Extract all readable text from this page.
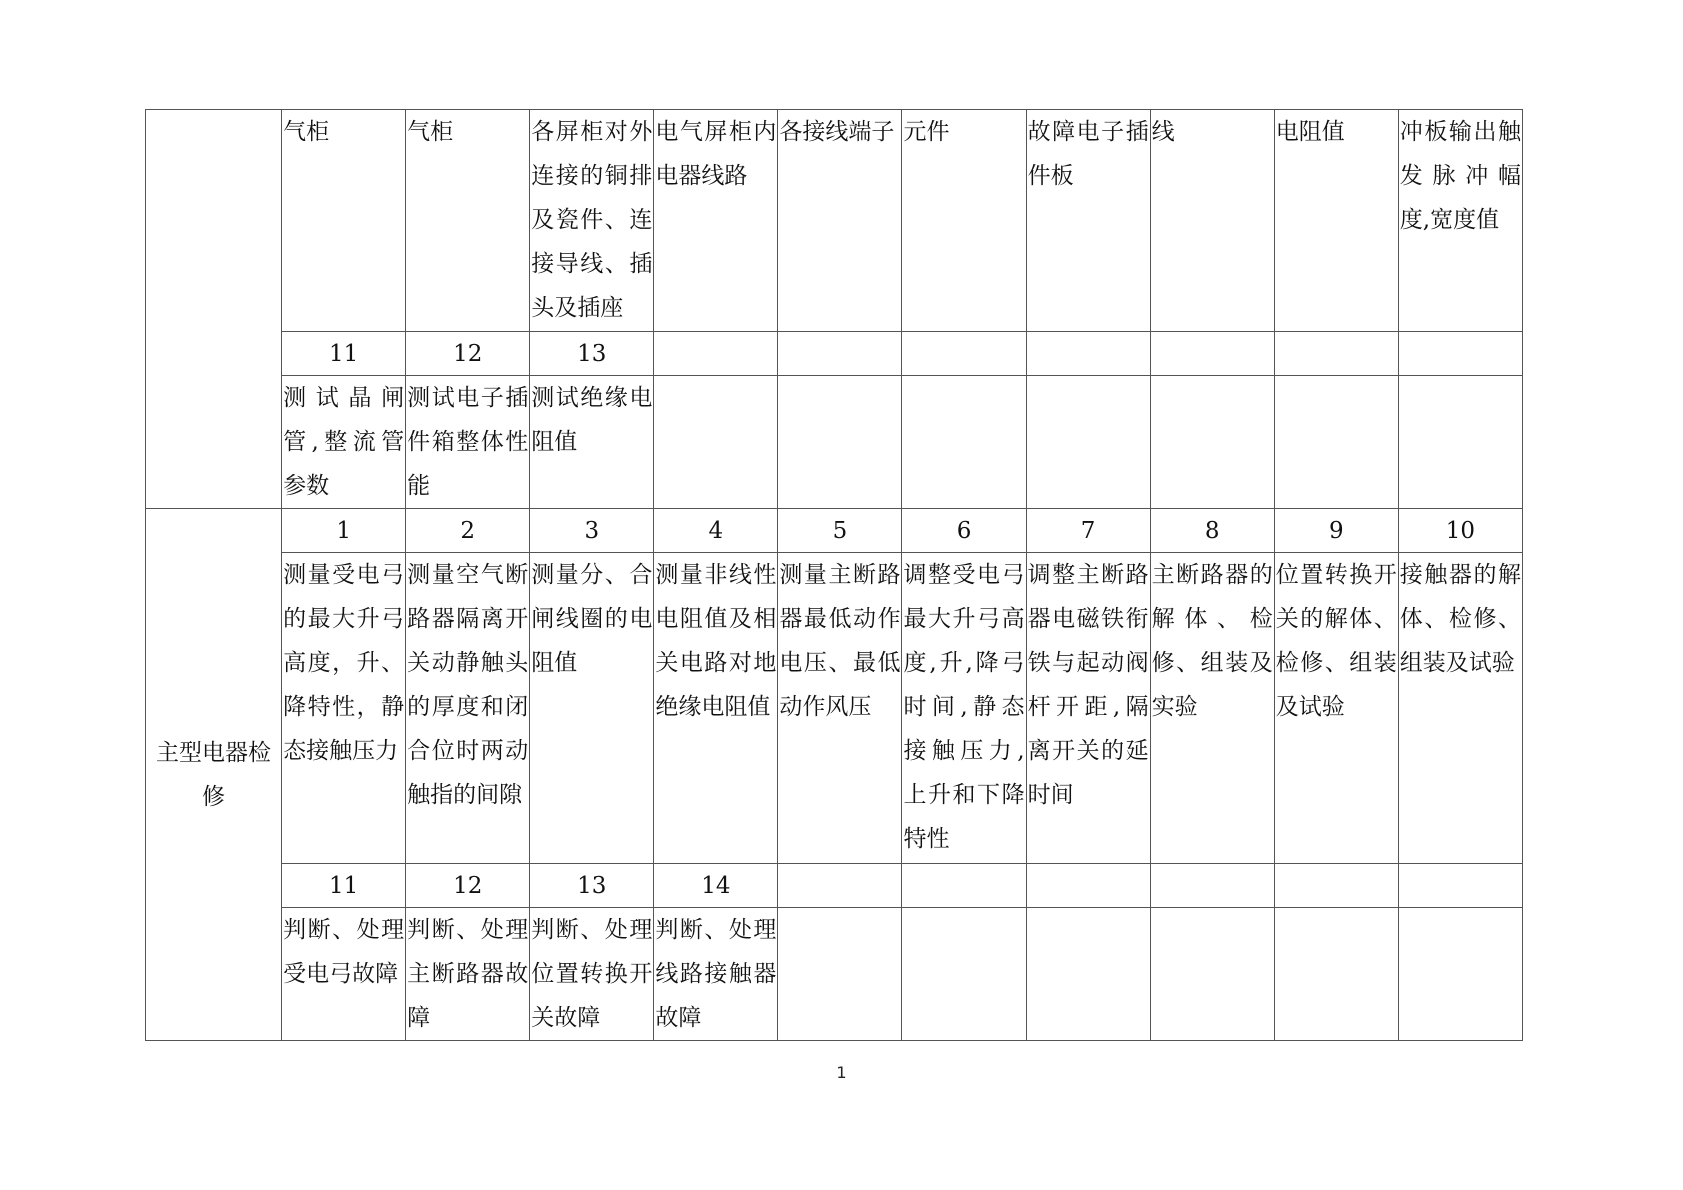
	气柜	气柜	各屏柜对外连接的铜排及瓷件、连接导线、插头及插座	电气屏柜内电器线路	各接线端子	元件	故障电子插件板	线	电阻值	冲板输出触发脉冲幅度,宽度值
	11	12	13							
	测试晶闸管,整流管参数	测试电子插件箱整体性能	测试绝缘电阻值							
主型电器检修	1	2	3	4	5	6	7	8	9	10
	测量受电弓的最大升弓高度，升、降特性，静态接触压力	测量空气断路器隔离开关动静触头的厚度和闭合位时两动触指的间隙	测量分、合闸线圈的电阻值	测量非线性电阻值及相关电路对地绝缘电阻值	测量主断路器最低动作电压、最低动作风压	调整受电弓最大升弓高度,升,降弓时间,静态接触压力,上升和下降特性	调整主断路器电磁铁衔铁与起动阀杆开距,隔离开关的延时间	主断路器的解体、检修、组装及实验	位置转换开关的解体、检修、组装及试验	接触器的解体、检修、组装及试验
	11	12	13	14						
	判断、处理受电弓故障	判断、处理主断路器故障	判断、处理位置转换开关故障	判断、处理线路接触器故障						
1
